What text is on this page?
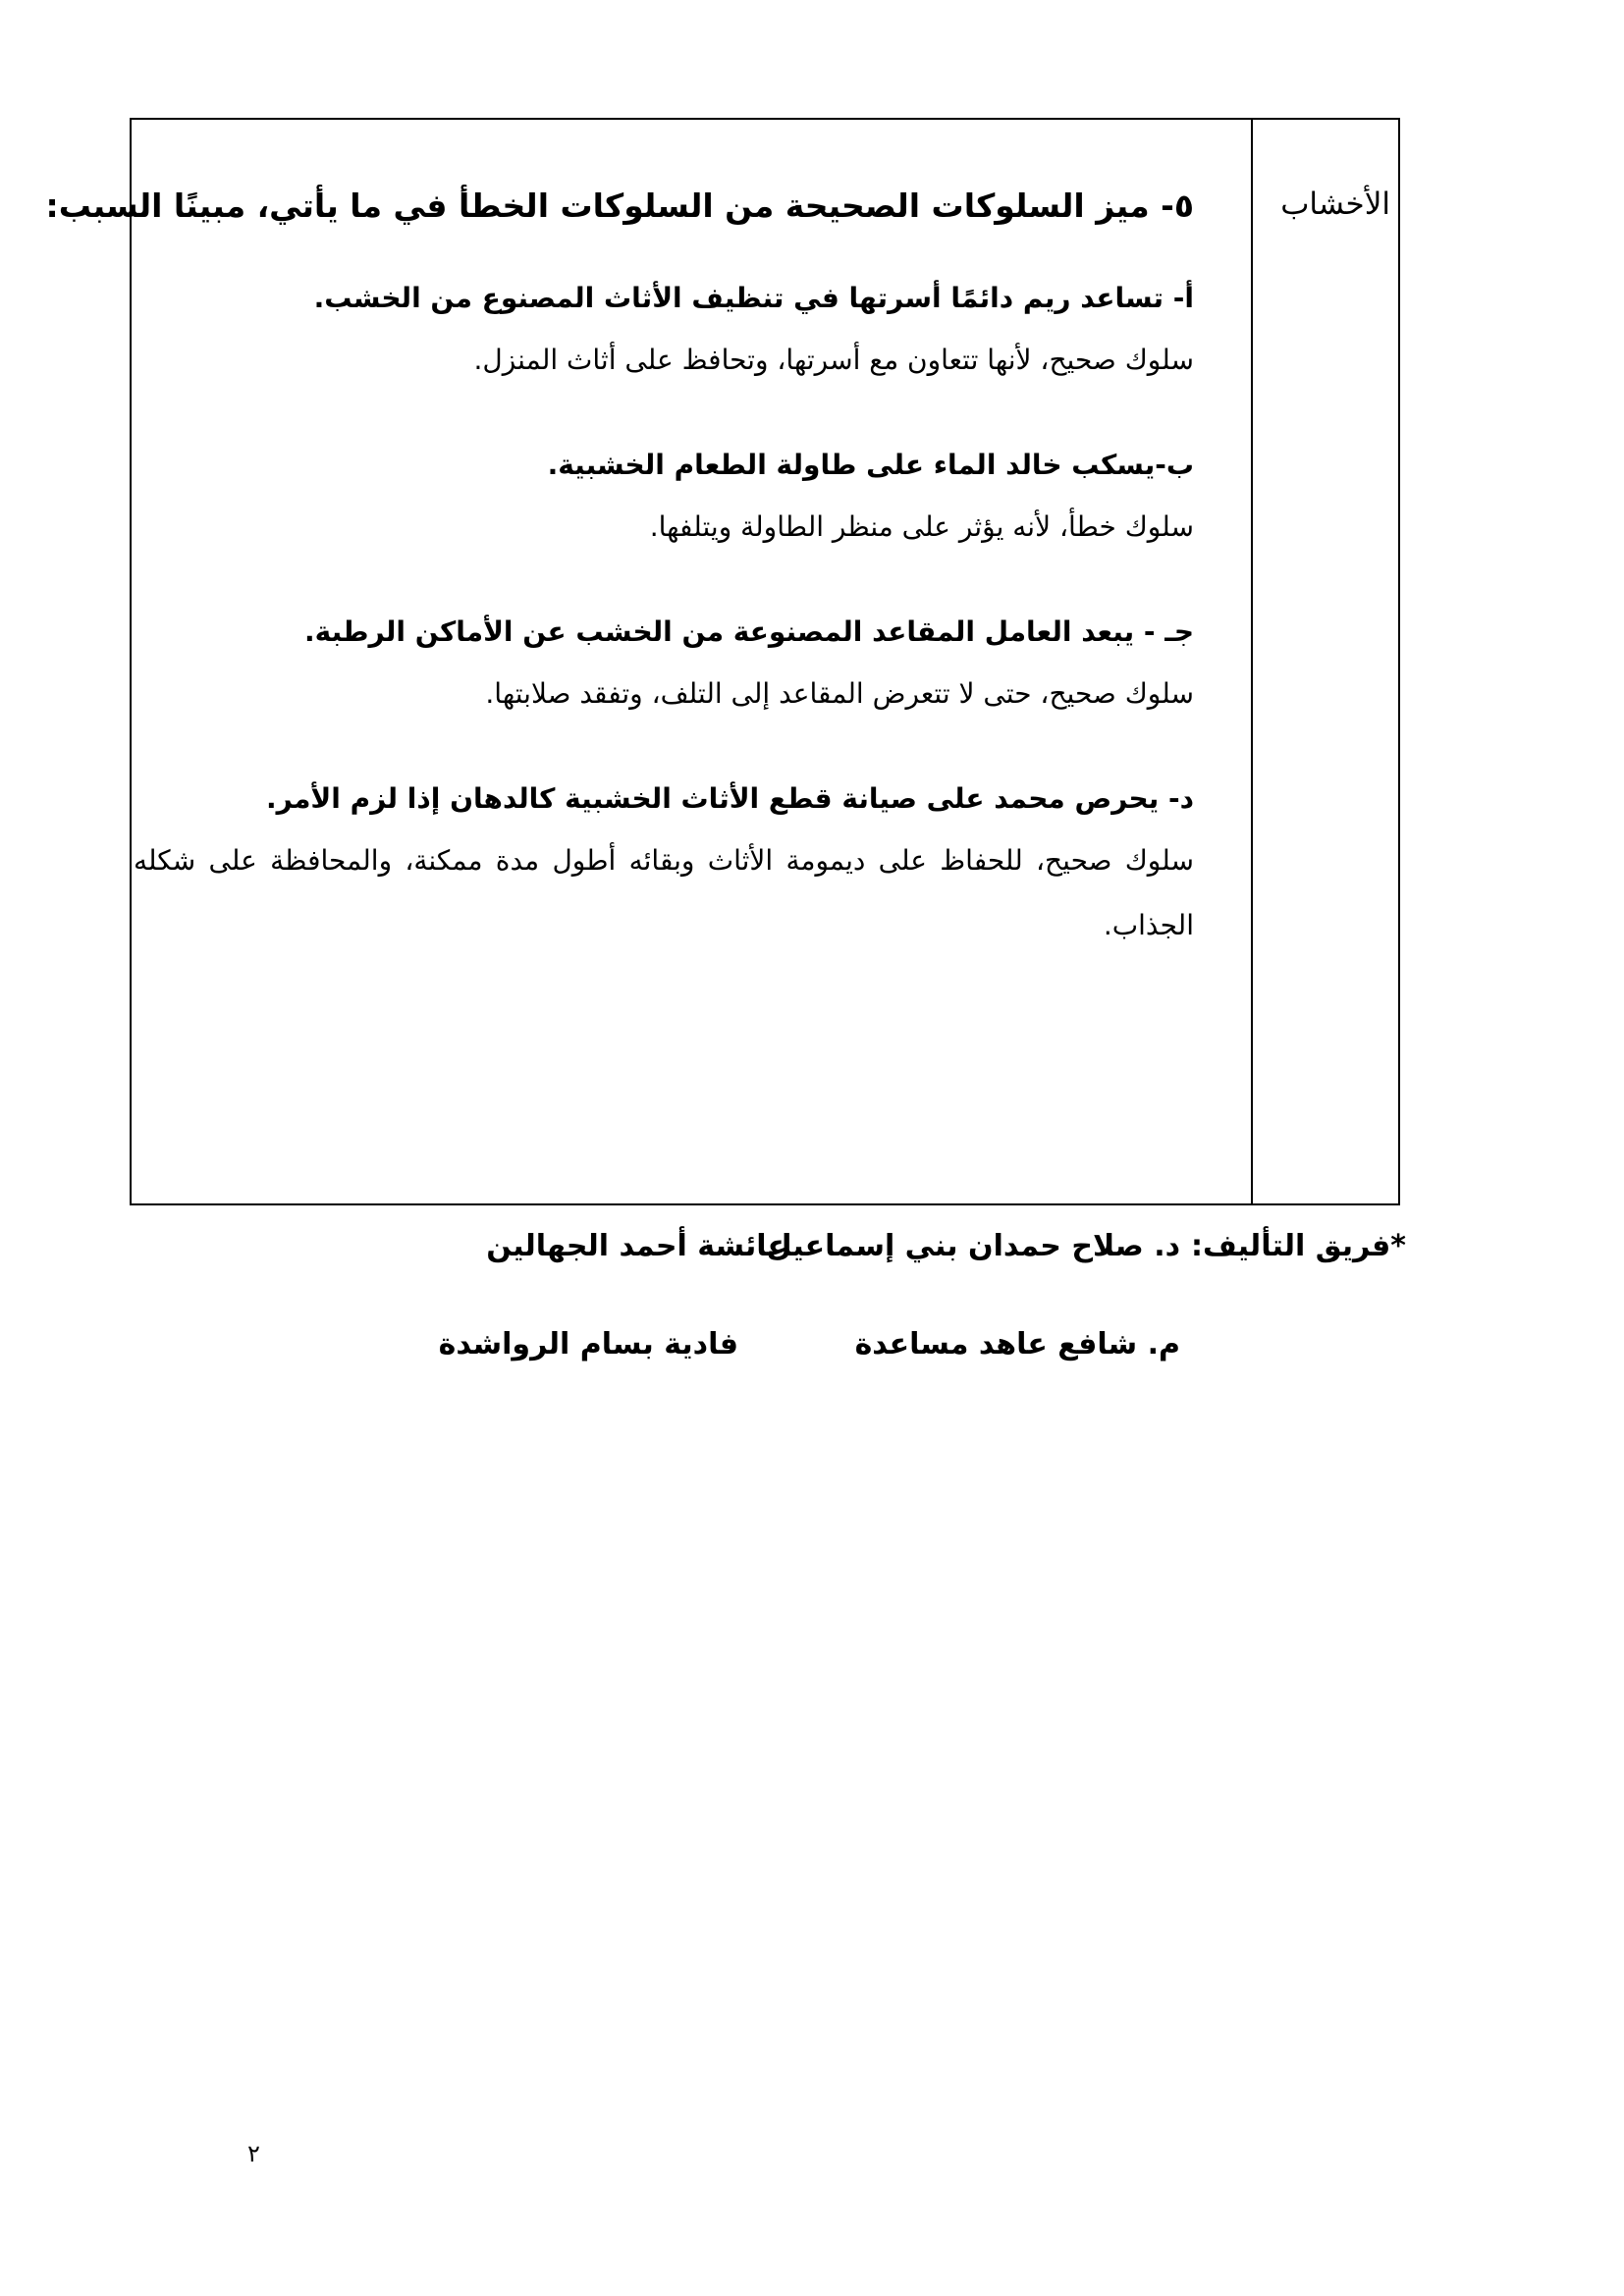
الأخشاب
٥- ميز السلوكات الصحيحة من السلوكات الخطأ في ما يأتي، مبينًا السبب:
أ- تساعد ريم دائمًا أسرتها في تنظيف الأثاث المصنوع من الخشب.
سلوك صحيح، لأنها تتعاون مع أسرتها، وتحافظ على أثاث المنزل.
ب-يسكب خالد الماء على طاولة الطعام الخشبية.
سلوك خطأ، لأنه يؤثر على منظر الطاولة ويتلفها.
جـ - يبعد العامل المقاعد المصنوعة من الخشب عن الأماكن الرطبة.
سلوك صحيح، حتى لا تتعرض المقاعد إلى التلف، وتفقد صلابتها.
د- يحرص محمد على صيانة قطع الأثاث الخشبية كالدهان إذا لزم الأمر.
سلوك صحيح، للحفاظ على ديمومة الأثاث وبقائه أطول مدة ممكنة، والمحافظة على شكله الجذاب.
*فريق التأليف:
د. صلاح حمدان بني إسماعيل
عائشة أحمد الجهالين
م. شافع عاهد مساعدة
فادية بسام الرواشدة
٢
